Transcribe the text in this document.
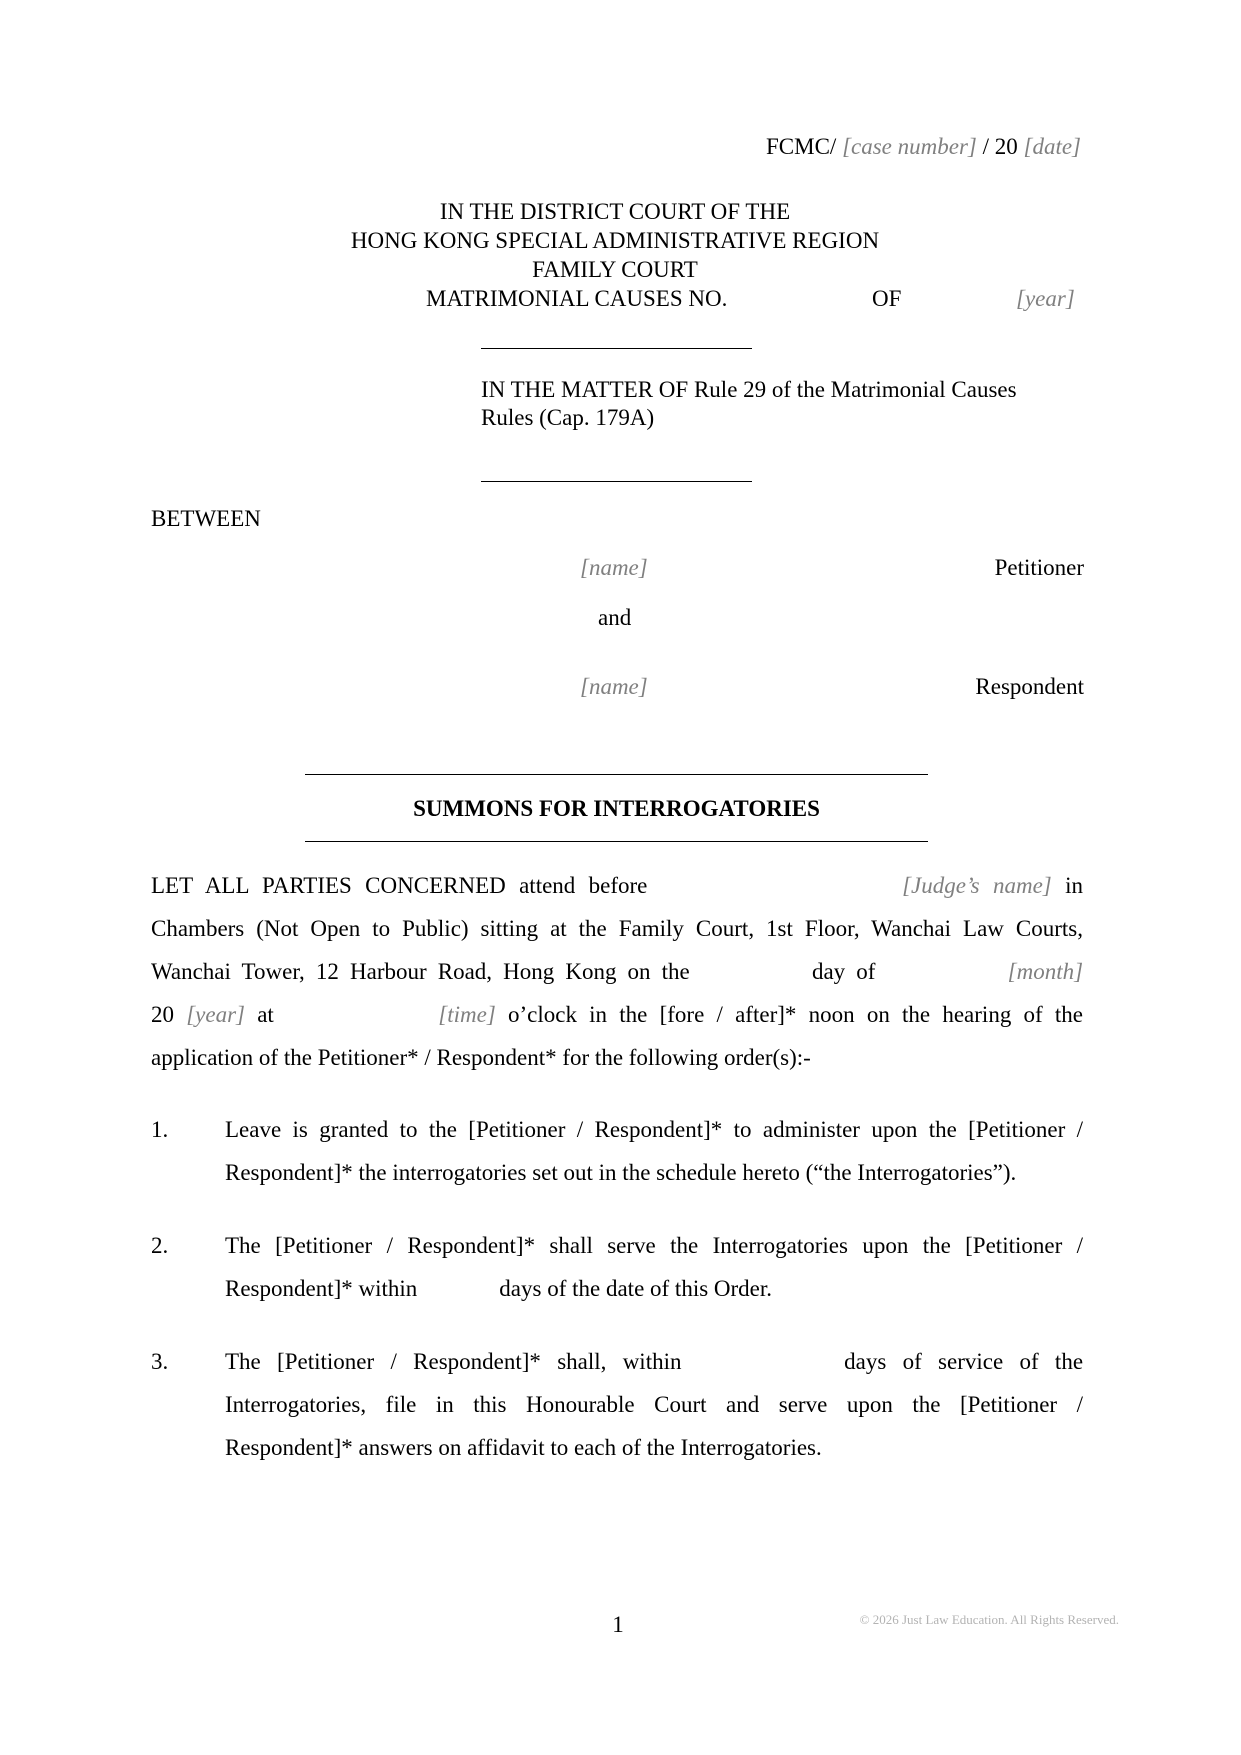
FCMC/ [case number] / 20 [date]
IN THE DISTRICT COURT OF THE
HONG KONG SPECIAL ADMINISTRATIVE REGION
FAMILY COURT
MATRIMONIAL CAUSES NO.	OF	[year]
IN THE MATTER OF Rule 29 of the Matrimonial Causes
Rules (Cap. 179A)
BETWEEN
[name]	Petitioner
and
[name]	Respondent
SUMMONS FOR INTERROGATORIES
LET ALL PARTIES CONCERNED attend before	[Judge’s name] in
Chambers (Not Open to Public) sitting at the Family Court, 1st Floor, Wanchai Law Courts,
Wanchai Tower, 12 Harbour Road, Hong Kong on the	day of	[month]
20 [year] at	[time] o’clock in the [fore / after]* noon on the hearing of the
application of the Petitioner* / Respondent* for the following order(s):-
1. Leave is granted to the [Petitioner / Respondent]* to administer upon the [Petitioner /
Respondent]* the interrogatories set out in the schedule hereto (“the Interrogatories”).
2. The [Petitioner / Respondent]* shall serve the Interrogatories upon the [Petitioner /
Respondent]* within	days of the date of this Order.
3. The [Petitioner / Respondent]* shall, within	days of service of the
Interrogatories, file in this Honourable Court and serve upon the [Petitioner /
Respondent]* answers on affidavit to each of the Interrogatories.
1	© 2026 Just Law Education. All Rights Reserved.
